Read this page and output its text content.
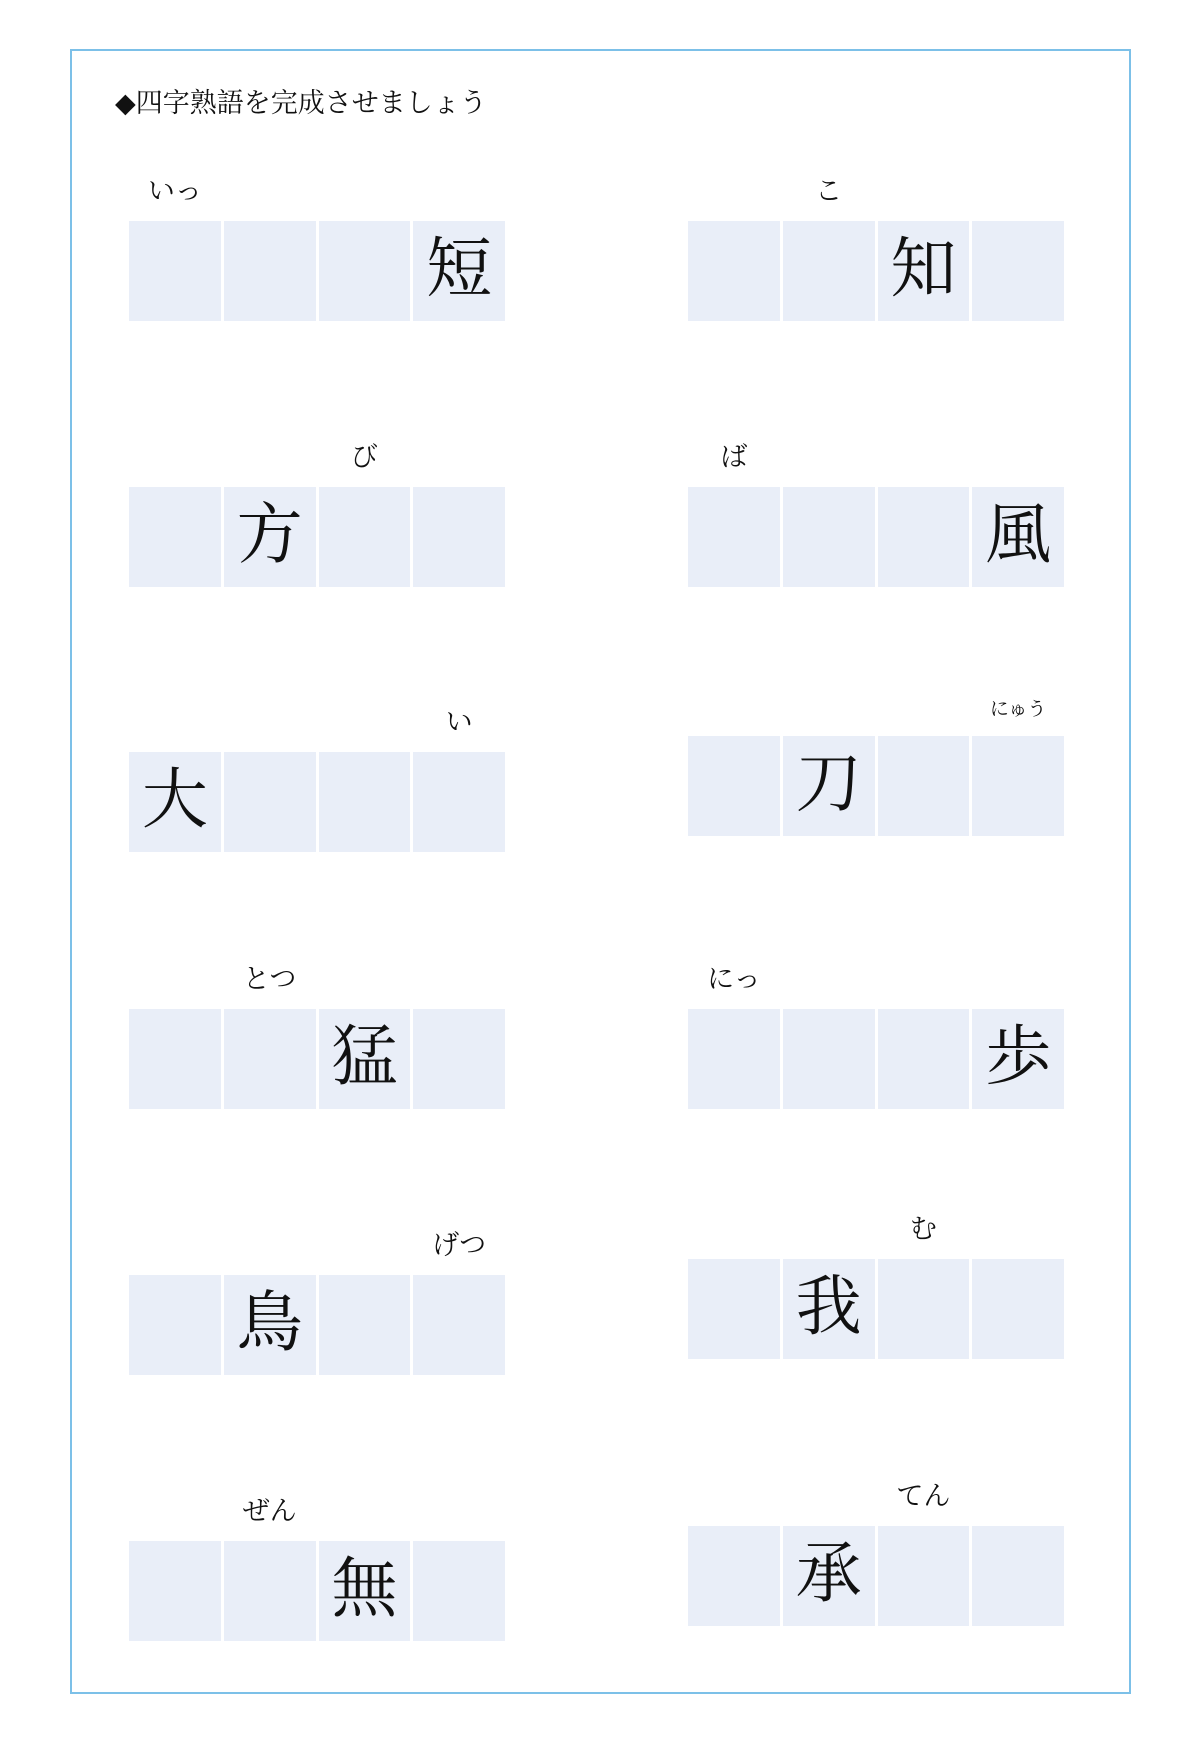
◆四字熟語を完成させましょう
いっ
短
び
方
い
大
とつ
猛
げつ
鳥
ぜん
無
こ
知
ば
風
にゅう
刀
にっ
歩
む
我
てん
承
